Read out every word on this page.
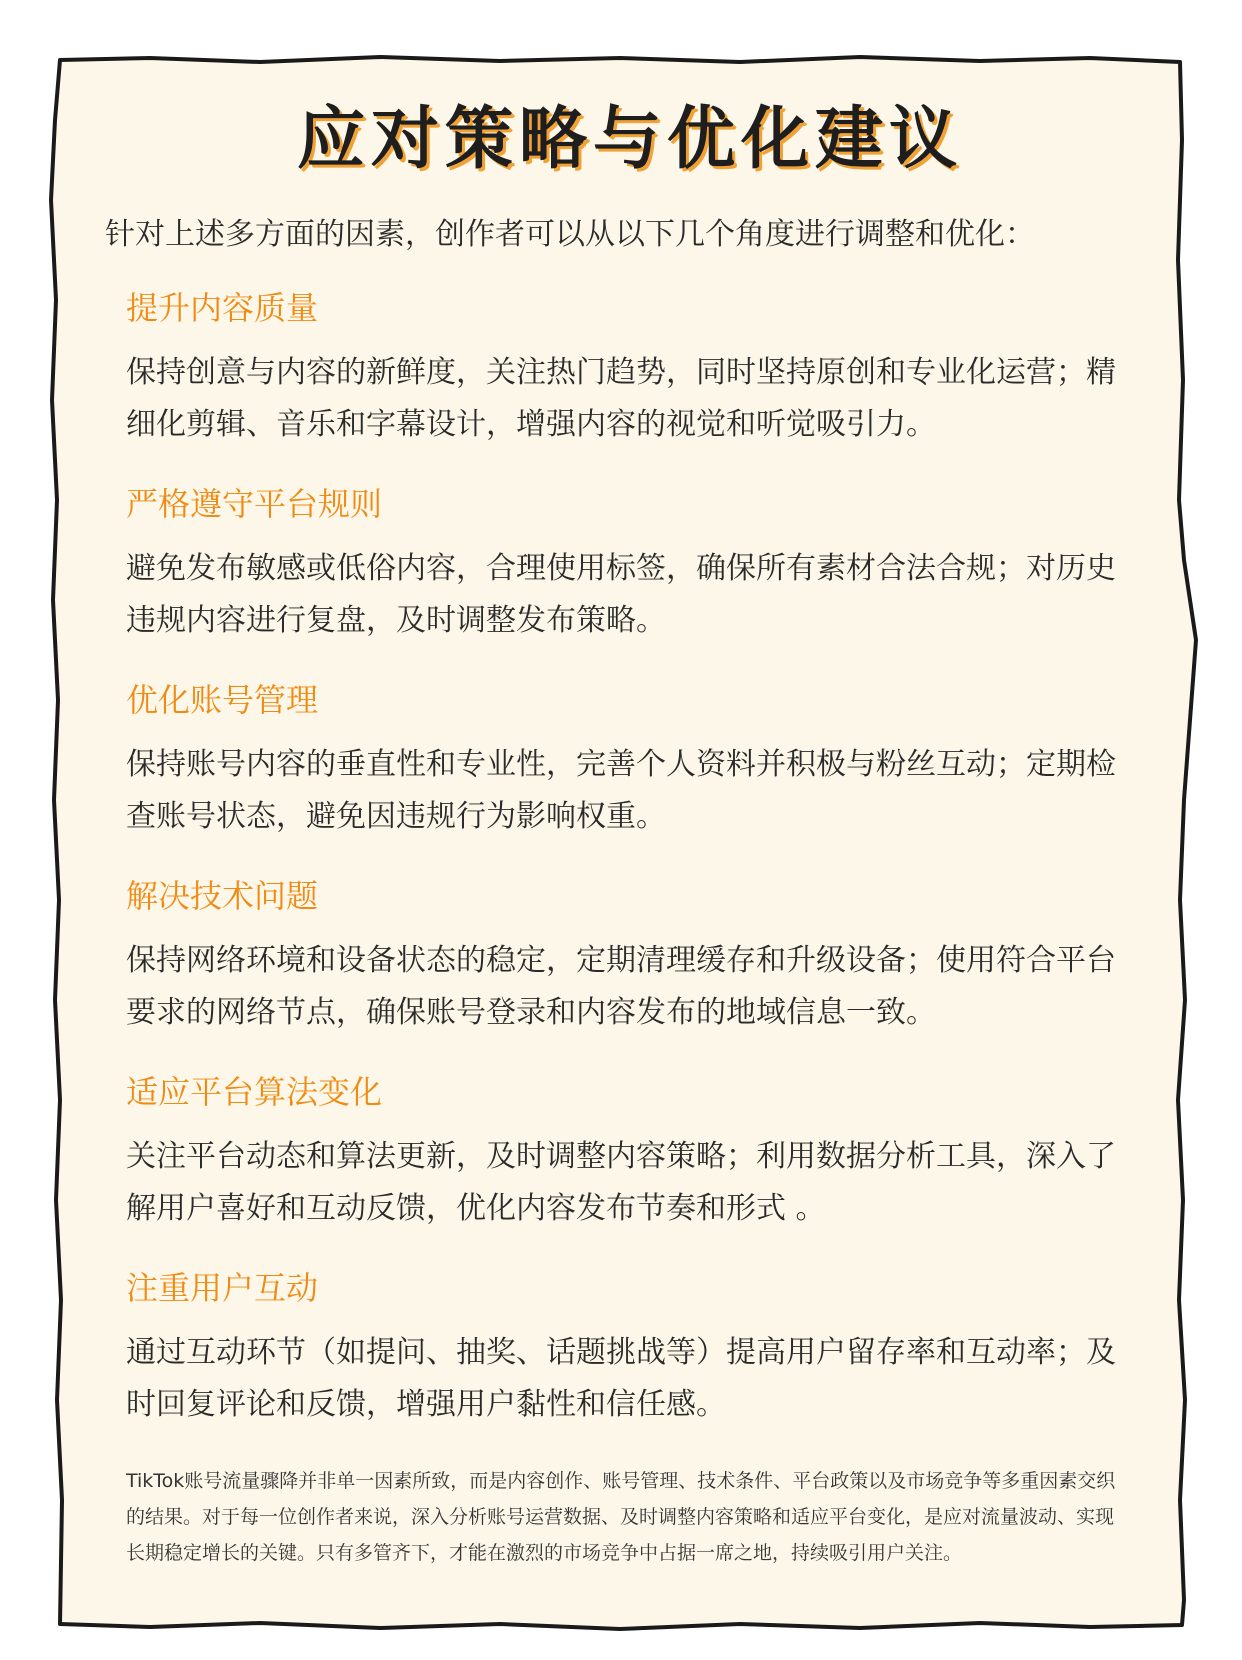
应对策略与优化建议

针对上述多方面的因素，创作者可以从以下几个角度进行调整和优化：

提升内容质量
保持创意与内容的新鲜度，关注热门趋势，同时坚持原创和专业化运营；精细化剪辑、音乐和字幕设计，增强内容的视觉和听觉吸引力。
严格遵守平台规则
避免发布敏感或低俗内容，合理使用标签，确保所有素材合法合规；对历史违规内容进行复盘，及时调整发布策略。
优化账号管理
保持账号内容的垂直性和专业性，完善个人资料并积极与粉丝互动；定期检查账号状态，避免因违规行为影响权重。
解决技术问题
保持网络环境和设备状态的稳定，定期清理缓存和升级设备；使用符合平台要求的网络节点，确保账号登录和内容发布的地域信息一致。
适应平台算法变化
关注平台动态和算法更新，及时调整内容策略；利用数据分析工具，深入了解用户喜好和互动反馈，优化内容发布节奏和形式 。
注重用户互动
通过互动环节（如提问、抽奖、话题挑战等）提高用户留存率和互动率；及时回复评论和反馈，增强用户黏性和信任感。

TikTok账号流量骤降并非单一因素所致，而是内容创作、账号管理、技术条件、平台政策以及市场竞争等多重因素交织的结果。对于每一位创作者来说，深入分析账号运营数据、及时调整内容策略和适应平台变化，是应对流量波动、实现长期稳定增长的关键。只有多管齐下，才能在激烈的市场竞争中占据一席之地，持续吸引用户关注。
